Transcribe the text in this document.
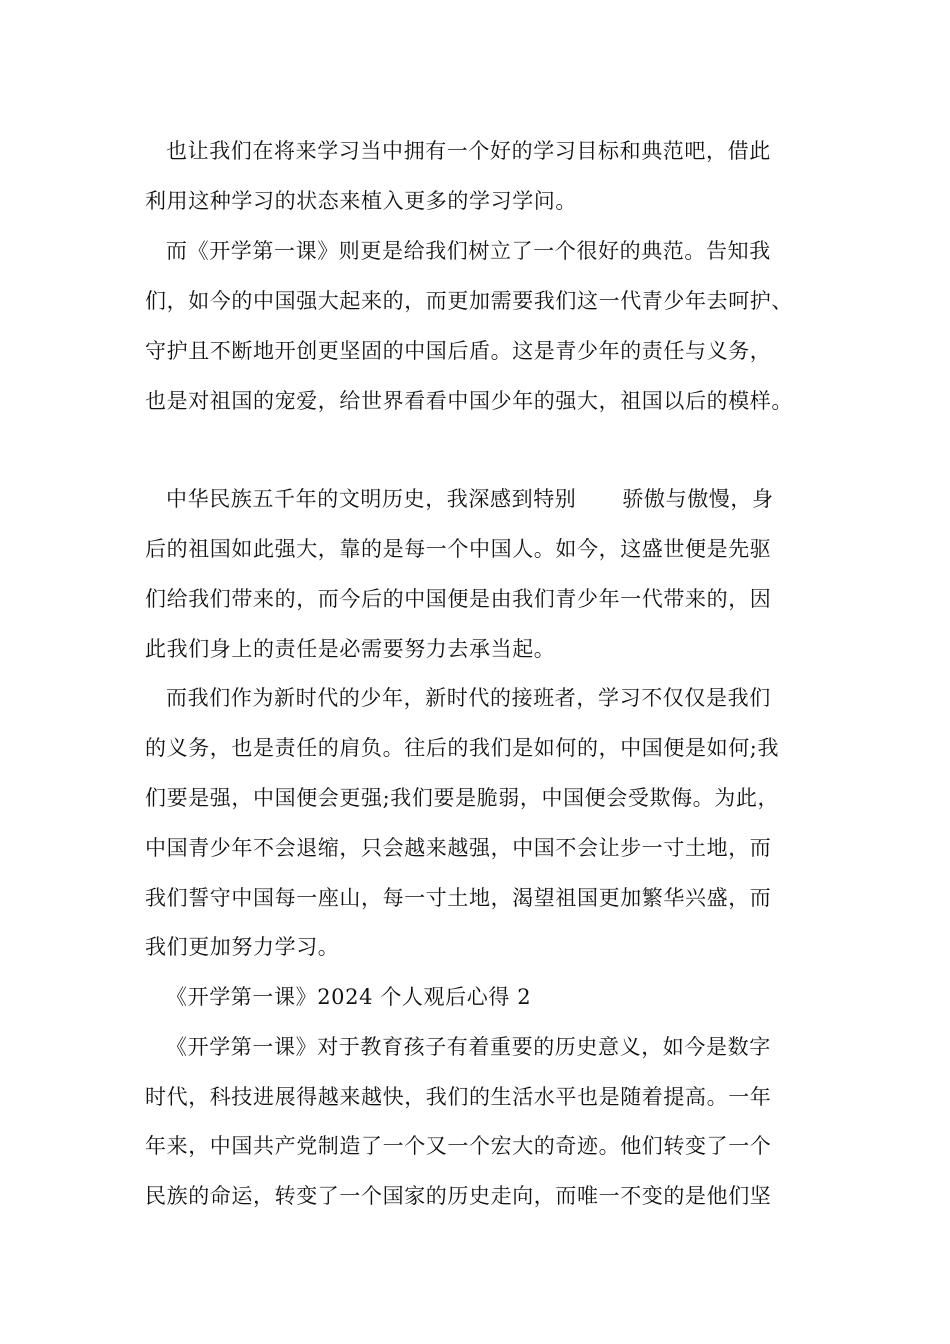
也让我们在将来学习当中拥有一个好的学习目标和典范吧，借此
利用这种学习的状态来植入更多的学习学问。
而《开学第一课》则更是给我们树立了一个很好的典范。告知我
们，如今的中国强大起来的，而更加需要我们这一代青少年去呵护、
守护且不断地开创更坚固的中国后盾。这是青少年的责任与义务，
也是对祖国的宠爱，给世界看看中国少年的强大，祖国以后的模样。
中华民族五千年的文明历史，我深感到特别 骄傲与傲慢，身
后的祖国如此强大，靠的是每一个中国人。如今，这盛世便是先驱
们给我们带来的，而今后的中国便是由我们青少年一代带来的，因
此我们身上的责任是必需要努力去承当起。
而我们作为新时代的少年，新时代的接班者，学习不仅仅是我们
的义务，也是责任的肩负。往后的我们是如何的，中国便是如何;我
们要是强，中国便会更强;我们要是脆弱，中国便会受欺侮。为此，
中国青少年不会退缩，只会越来越强，中国不会让步一寸土地，而
我们誓守中国每一座山，每一寸土地，渴望祖国更加繁华兴盛，而
我们更加努力学习。
《开学第一课》2024 个人观后心得 2
《开学第一课》对于教育孩子有着重要的历史意义，如今是数字
时代，科技进展得越来越快，我们的生活水平也是随着提高。一年
年来，中国共产党制造了一个又一个宏大的奇迹。他们转变了一个
民族的命运，转变了一个国家的历史走向，而唯一不变的是他们坚
